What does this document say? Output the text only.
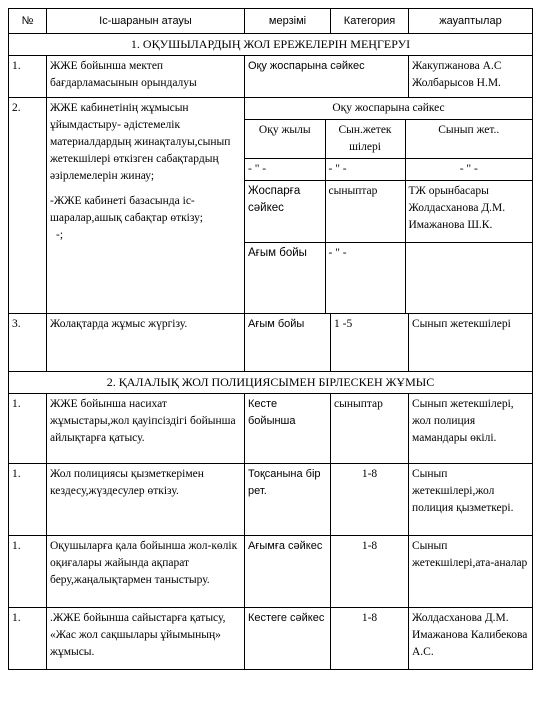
№	Іс-шаранын атауы	мерзімі	Категория	жауаптылар
1. ОҚУШЫЛАРДЫҢ ЖОЛ ЕРЕЖЕЛЕРІН МЕҢГЕРУІ
1.	ЖЖЕ бойынша мектеп бағдарламасынын орындалуы	Оқу жоспарына сәйкес	Жакупжанова А.С Жолбарысов Н.М.

2.	ЖЖЕ кабинетінің жұмысын ұйымдастыру- әдістемелік материалдардың жинақталуы,сынып жетекшілері өткізген сабақтардың әзірлемелерін жинау;
-ЖЖЕ кабинеті базасында іс-шаралар,ашық сабақтар өткізу;
-;

Оқу жоспарына сәйкес
Оқу жылы	Сын.жетек шілері	Сынып жет..
- " -	- " -	- " -
Жоспарға сәйкес	сыныптар	ТЖ орынбасары Жолдасханова Д.М. Имажанова Ш.К.
Ағым бойы	- " -	

3.	Жолақтарда жұмыс жүргізу.	Ағым бойы	1 -5	Сынып жетекшілері
2. ҚАЛАЛЫҚ ЖОЛ ПОЛИЦИЯСЫМЕН БІРЛЕСКЕН ЖҰМЫС
1.	ЖЖЕ бойынша насихат жұмыстары,жол қауіпсіздігі бойынша айлықтарға қатысу.	Кесте бойынша	сыныптар	Сынып жетекшілері, жол полиция мамандары өкілі.
1.	Жол полициясы қызметкерімен кездесу,жүздесулер өткізу.	Тоқсанына бір рет.	1-8	Сынып жетекшілері,жол полиция қызметкері.
1.	Оқушыларға қала бойынша жол-көлік оқиғалары жайында ақпарат беру,жаңалықтармен таныстыру.	Ағымға сәйкес	1-8	Сынып жетекшілері,ата-аналар
1.	.ЖЖЕ бойынша сайыстарға қатысу, «Жас жол сақшылары ұйымының» жұмысы.	Кестеге сәйкес	1-8	Жолдасханова Д.М. Имажанова Калибекова А.С.
